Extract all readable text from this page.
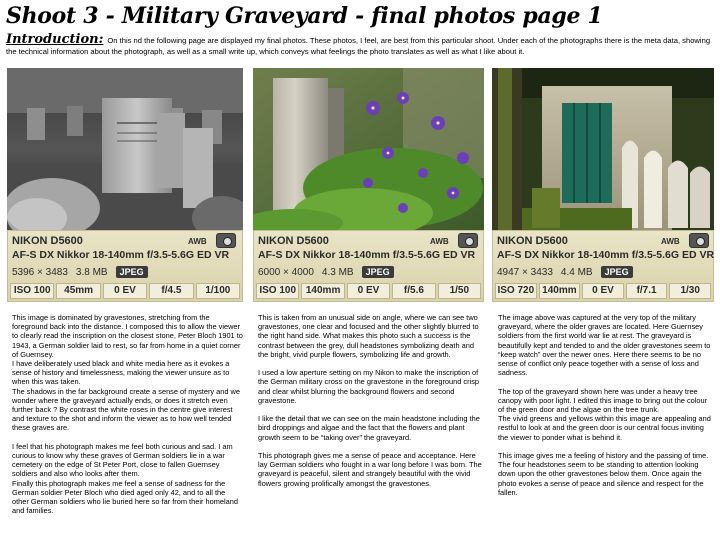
Shoot 3 - Military Graveyard - final photos page 1
Introduction: On this nd the following page are displayed my final photos. These photos, I feel, are best from this particular shoot. Under each of the photographs there is the meta data, showing the technical information about the photograph, as well as a small write up, which conveys what feelings the photo translates as well as what I like about it.
NIKON D5600	AWB
AF-S DX Nikkor 18-140mm f/3.5-5.6G ED VR
5396 × 3483 3.8 MB JPEG
ISO 100	45mm	0 EV	f/4.5	1/100
NIKON D5600	AWB
AF-S DX Nikkor 18-140mm f/3.5-5.6G ED VR
6000 × 4000 4.3 MB JPEG
ISO 100 140mm	0 EV	f/5.6	1/50
NIKON D5600	AWB
AF-S DX Nikkor 18-140mm f/3.5-5.6G ED VR
4947 × 3433 4.4 MB JPEG
ISO 720 140mm	0 EV	f/7.1	1/30

This image is dominated by gravestones, stretching from the foreground back into the distance. I composed this to allow the viewer to clearly read the inscription on the closest stone, Peter Bloch 1901 to 1943, a German soldier laid to rest, so far from home in a quiet corner of Guernsey.

I have deliberately used black and white media here as it evokes a sense of history and timelessness, making the viewer unsure as to when this was taken.

The shadows in the far background create a sense of mystery and we wonder where the graveyard actually ends, or does it stretch even further back ? By contrast the white roses in the centre give interest and texture to the shot and inform the viewer as to how well tended these graves are.

I feel that his photograph makes me feel both curious and sad. I am curious to know why these graves of German soldiers lie in a war cemetery on the edge of St Peter Port, close to fallen Guernsey soldiers and also who looks after them.

Finally this photograph makes me feel a sense of sadness for the German soldier Peter Bloch who died aged only 42, and to all the other German soldiers who lie buried here so far from their homeland and families.

This is taken from an unusual side on angle, where we can see two gravestones, one clear and focused and the other slightly blurred to the right hand side. What makes this photo such a success is the contrast between the grey, dull headstones symbolizing death and the bright, vivid purple flowers, symbolizing life and growth.

I used a low aperture setting on my Nikon to make the inscription of the German military cross on the gravestone in the foreground crisp and clear whilst blurring the background flowers and second gravestone.

I like the detail that we can see on the main headstone including the bird droppings and algae and the fact that the flowers and plant growth seem to be “taking over” the graveyard.

This photograph gives me a sense of peace and acceptance. Here lay German soldiers who fought in a war long before I was born. The graveyard is peaceful, silent and strangely beautiful with the vivid flowers growing prolifically amongst the gravestones.

The image above was captured at the very top of the military graveyard, where the older graves are located. Here Guernsey soldiers from the first world war lie at rest. The graveyard is beautifully kept and tended to and the older gravestones seem to “keep watch” over the newer ones. Here there seems to be no sense of conflict only peace together with a sense of loss and sadness.

The top of the graveyard shown here was under a heavy tree canopy with poor light. I edited this image to bring out the colour of the green door and the algae on the tree trunk.

The vivid greens and yellows within this image are appealing and restful to look at and the green door is our central focus inviting the viewer to ponder what is behind it.

This image gives me a feeling of history and the passing of time. The four headstones seem to be standing to attention looking down upon the other gravestones below them. Once again the photo evokes a sense of peace and silence and respect for the fallen.
